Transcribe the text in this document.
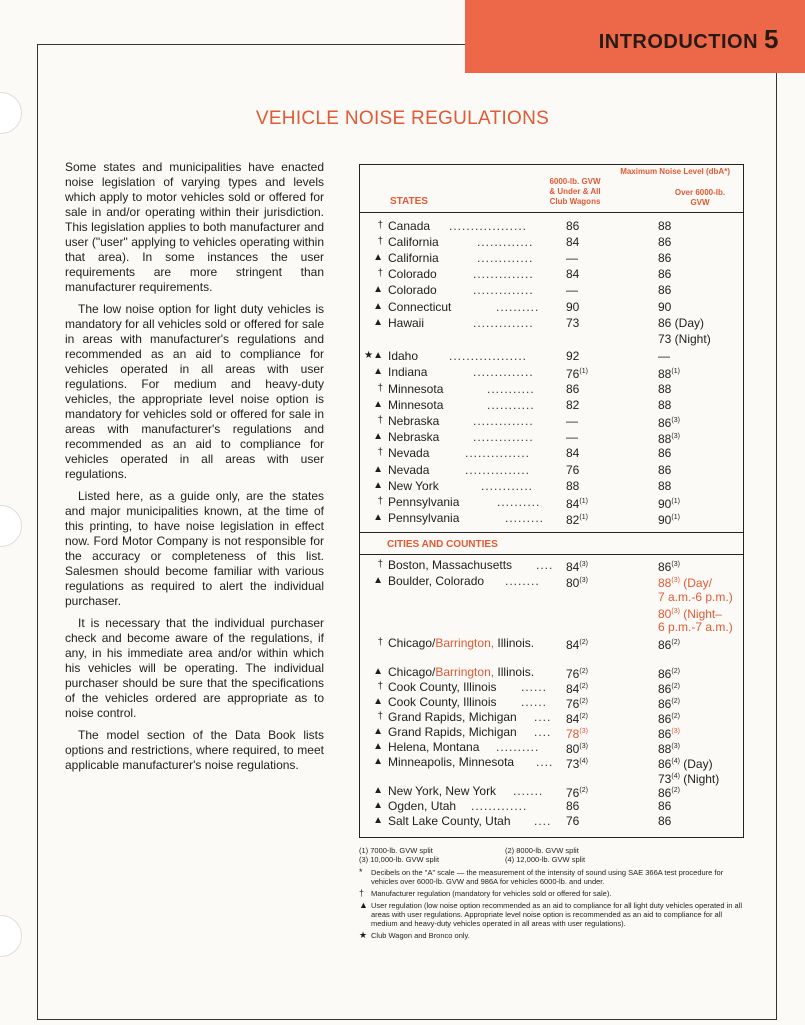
INTRODUCTION 5
VEHICLE NOISE REGULATIONS

Some states and municipalities have enacted noise legislation of varying types and levels which apply to motor vehicles sold or offered for sale in and/or operating within their jurisdiction. This legislation applies to both manufacturer and user ("user" applying to vehicles operating within that area). In some instances the user requirements are more stringent than manufacturer requirements.

The low noise option for light duty vehicles is mandatory for all vehicles sold or offered for sale in areas with manufacturer's regulations and recommended as an aid to compliance for vehicles operated in all areas with user regulations. For medium and heavy-duty vehicles, the appropriate level noise option is mandatory for vehicles sold or offered for sale in areas with manufacturer's regulations and recommended as an aid to compliance for vehicles operated in all areas with user regulations.

Listed here, as a guide only, are the states and major municipalities known, at the time of this printing, to have noise legislation in effect now. Ford Motor Company is not responsible for the accuracy or completeness of this list. Salesmen should become familiar with various regulations as required to alert the individual purchaser.

It is necessary that the individual purchaser check and become aware of the regulations, if any, in his immediate area and/or within which his vehicles will be operating. The individual purchaser should be sure that the specifications of the vehicles ordered are appropriate as to noise control.

The model section of the Data Book lists options and restrictions, where required, to meet applicable manufacturer's noise regulations.

Maximum Noise Level (dbA*)
6000-lb. GVW
& Under & All
Club Wagons
Over 6000-lb.
GVW
STATES
† Canada ..................	86	88
† California	.............	84	86
▲ California	.............	—	86
† Colorado	..............	84	86
▲ Colorado	..............	—	86
▲ Connecticut	..........	90	90
▲ Hawaii	..............	73	86 (Day)
73 (Night)
★▲ Idaho	..................	92	—
▲ Indiana	..............	76$^{(1)}$	88$^{(1)}$
† Minnesota	...........	86	88
▲ Minnesota	...........	82	88
† Nebraska	..............	—	86$^{(3)}$
▲ Nebraska	..............	—	88$^{(3)}$
† Nevada	...............	84	86
▲ Nevada	...............	76	86
▲ New York	............	88	88
† Pennsylvania	..........	84$^{(1)}$	90$^{(1)}$
▲ Pennsylvania	.........	82$^{(1)}$	90$^{(1)}$
CITIES AND COUNTIES
† Boston, Massachusetts ....	84$^{(3)}$	86$^{(3)}$
▲ Boulder, Colorado ........	80$^{(3)}$	88$^{(3)}$ (Day/
7 a.m.-6 p.m.)
80$^{(3)}$ (Night–
6 p.m.-7 a.m.)
† Chicago/Barrington, Illinois.	84$^{(2)}$	86$^{(2)}$
▲ Chicago/Barrington, Illinois.	76$^{(2)}$	86$^{(2)}$
† Cook County, Illinois ......	84$^{(2)}$	86$^{(2)}$
▲ Cook County, Illinois ......	76$^{(2)}$	86$^{(2)}$
† Grand Rapids, Michigan ....	84$^{(2)}$	86$^{(2)}$
▲ Grand Rapids, Michigan ....	78$^{(3)}$	86$^{(3)}$
▲ Helena, Montana ..........	80$^{(3)}$	88$^{(3)}$
▲ Minneapolis, Minnesota ....	73$^{(4)}$	86$^{(4)}$ (Day)
73$^{(4)}$ (Night)
▲ New York, New York .......	76$^{(2)}$	86$^{(2)}$
▲ Ogden, Utah .............	86	86
▲ Salt Lake County, Utah ....	76	86
(1) 7000-lb. GVW split	(2) 8000-lb. GVW split
(3) 10,000-lb. GVW split	(4) 12,000-lb. GVW split
* Decibels on the "A" scale — the measurement of the intensity of sound using SAE 366A test procedure for vehicles over 6000-lb. GVW and 986A for vehicles 6000-lb. and under.
† Manufacturer regulation (mandatory for vehicles sold or offered for sale).
▲ User regulation (low noise option recommended as an aid to compliance for all light duty vehicles operated in all areas with user regulations. Appropriate level noise option is recommended as an aid to compliance for all medium and heavy-duty vehicles operated in all areas with user regulations).
★ Club Wagon and Bronco only.
